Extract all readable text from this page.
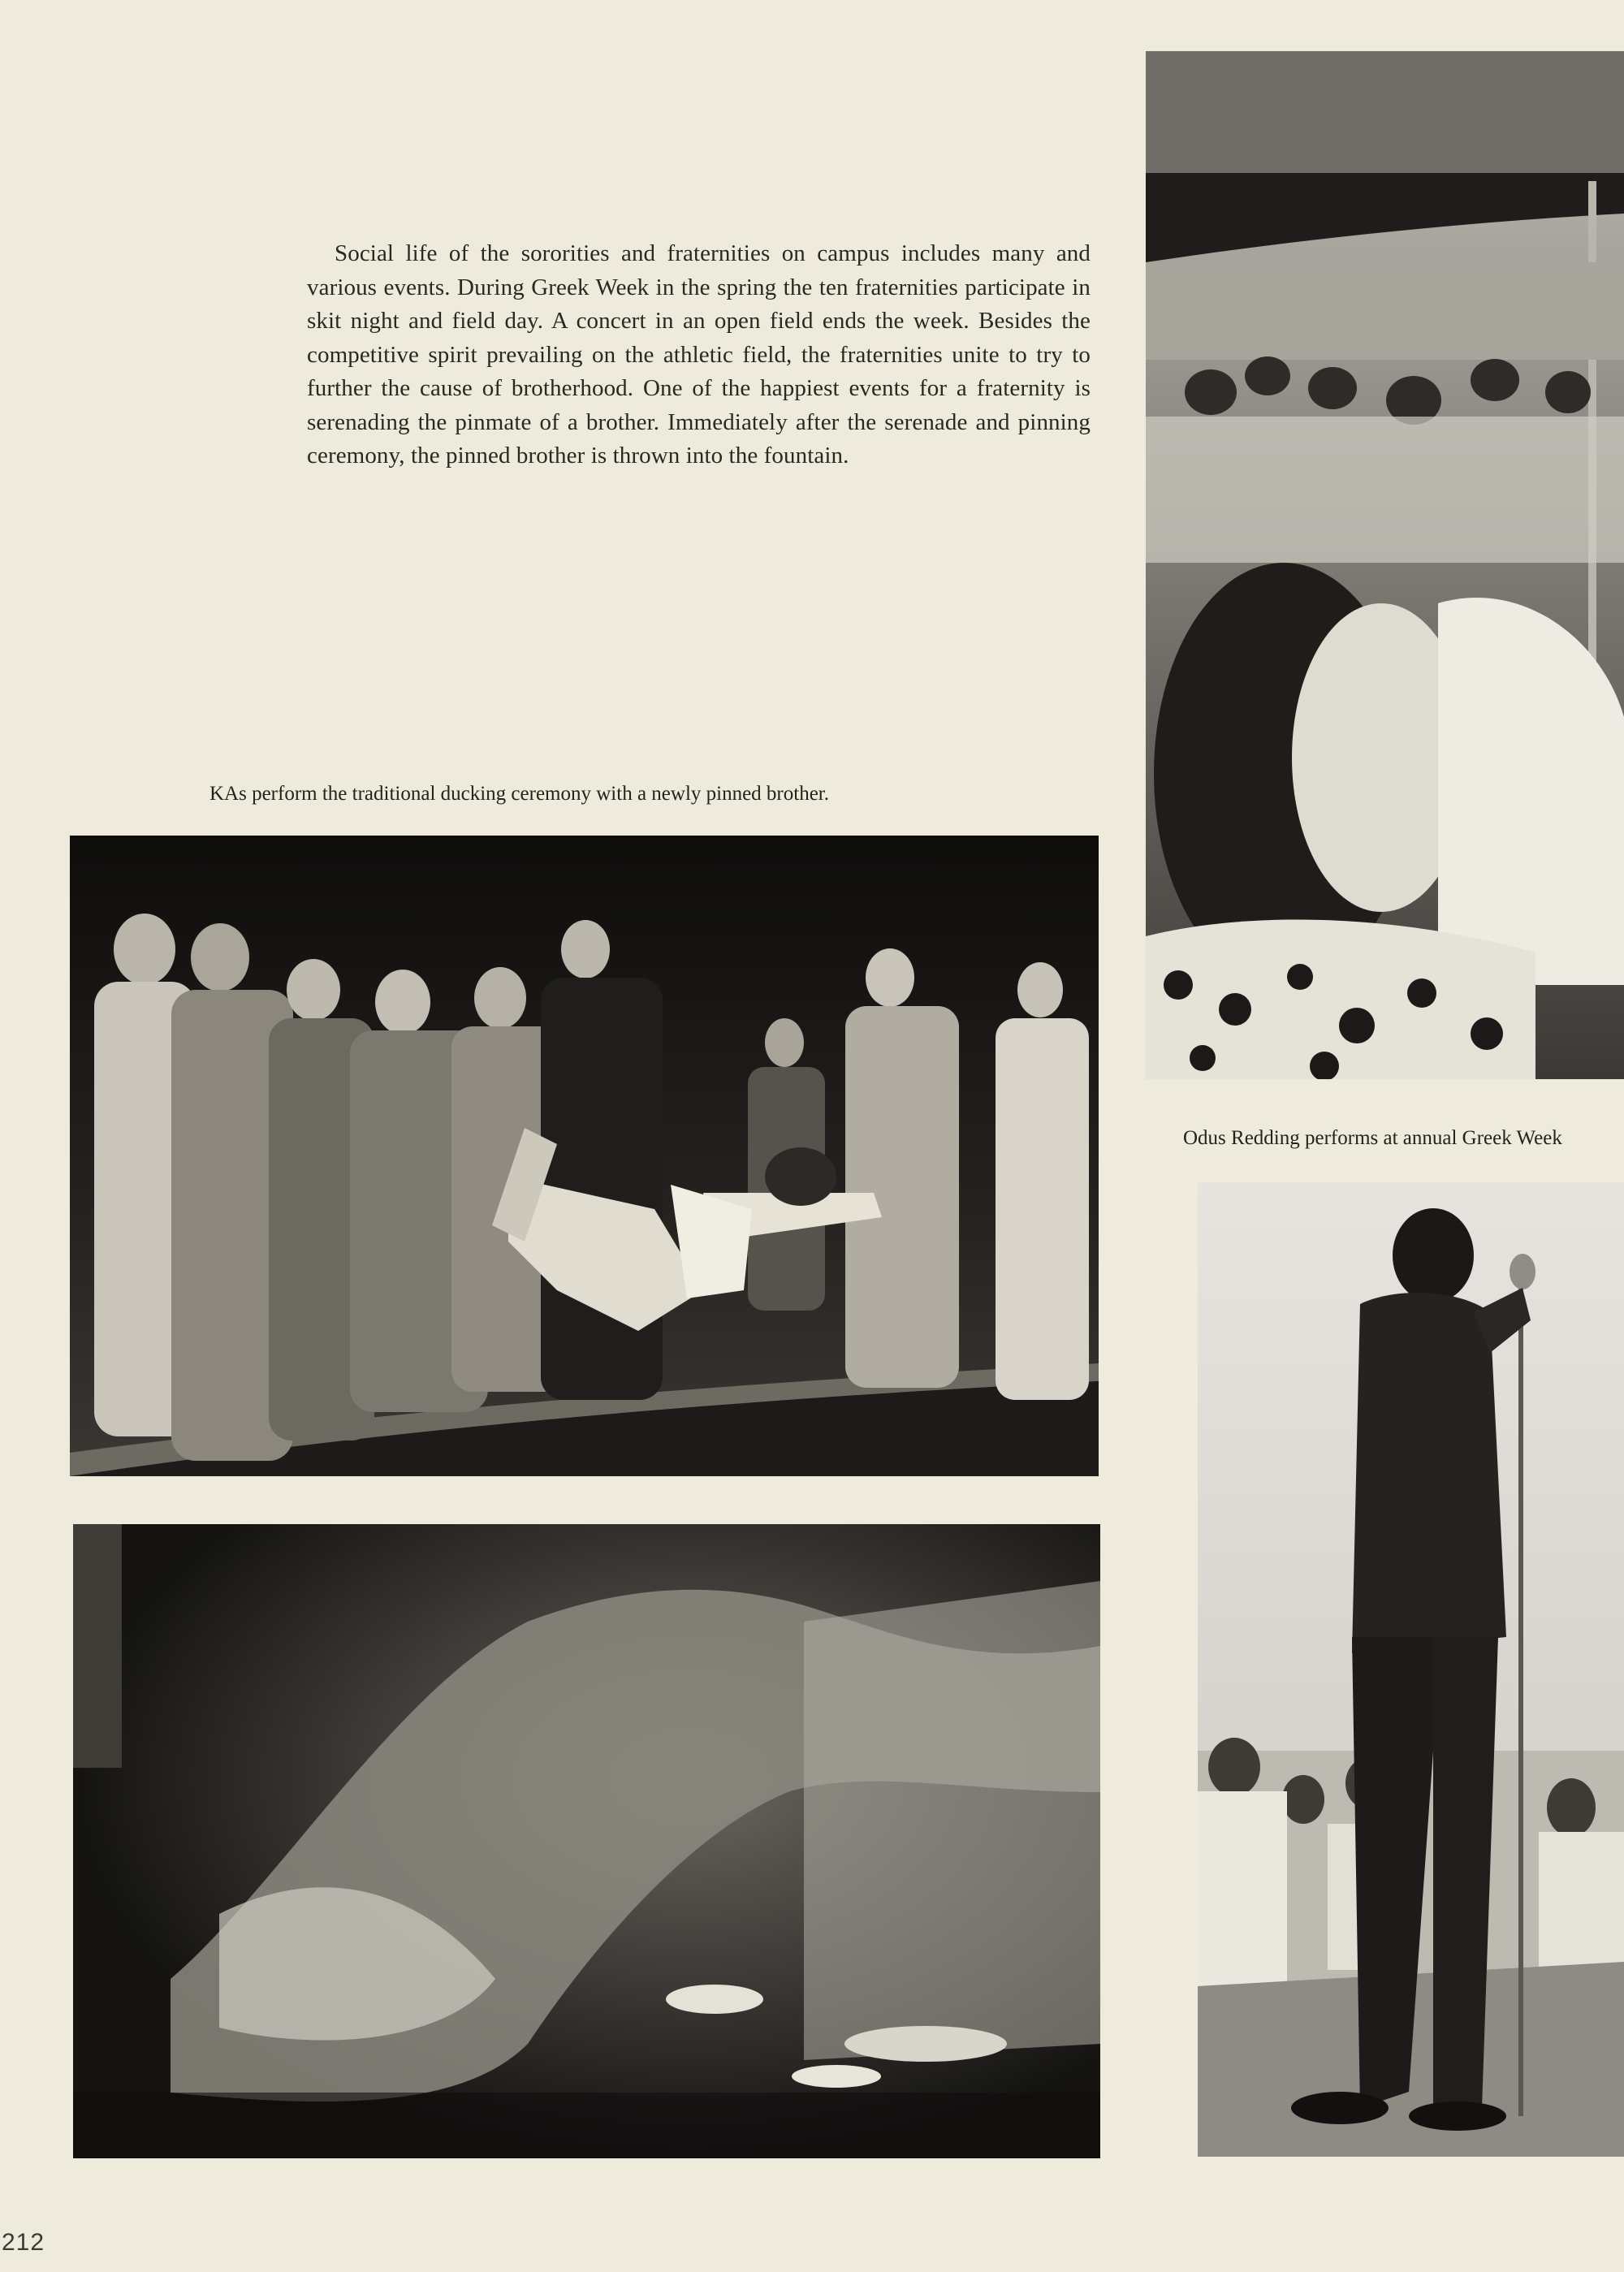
Social life of the sororities and fraternities on campus includes many and various events. During Greek Week in the spring the ten fraternities participate in skit night and field day. A concert in an open field ends the week. Besides the competitive spirit prevailing on the athletic field, the fraternities unite to try to further the cause of brotherhood. One of the happiest events for a fraternity is serenading the pinmate of a brother. Immediately after the serenade and pinning ceremony, the pinned brother is thrown into the fountain.

KAs perform the traditional ducking ceremony with a newly pinned brother.
Odus Redding performs at annual Greek Week
212
